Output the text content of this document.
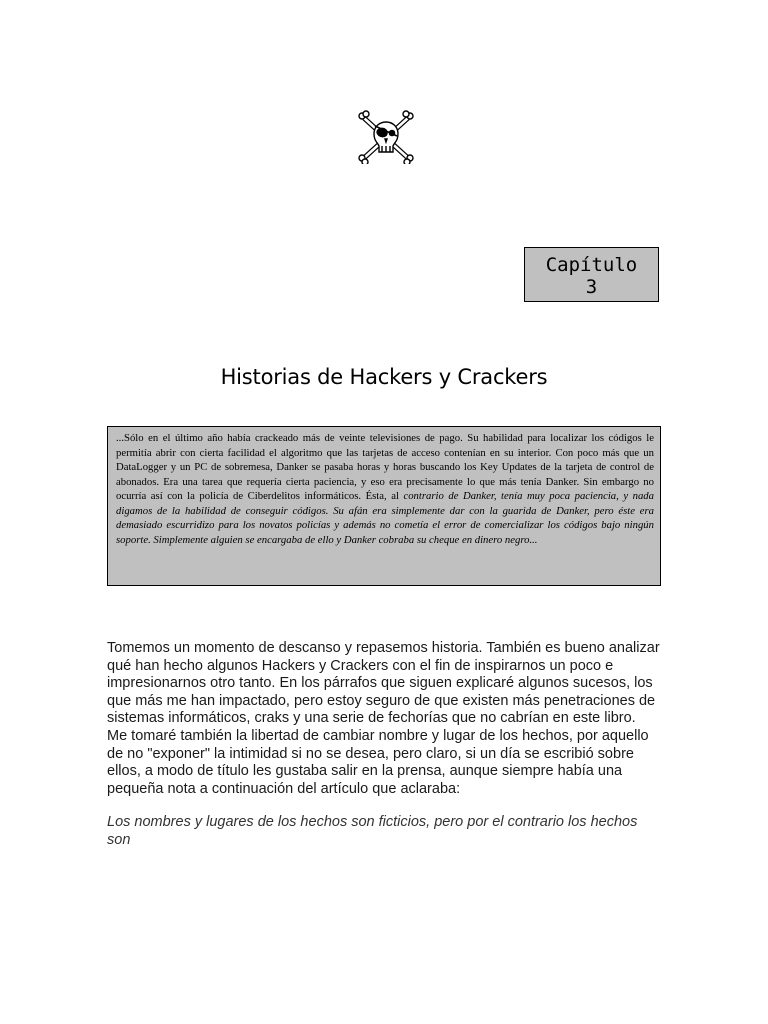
Capítulo
3
Historias de Hackers y Crackers
...Sólo en el último año había crackeado más de veinte televisiones de pago. Su habilidad para localizar los códigos le permitía abrir con cierta facilidad el algoritmo que las tarjetas de acceso contenían en su interior. Con poco más que un DataLogger y un PC de sobremesa, Danker se pasaba horas y horas buscando los Key Updates de la tarjeta de control de abonados. Era una tarea que requería cierta paciencia, y eso era precisamente lo que más tenía Danker. Sin embargo no ocurría así con la policía de Ciberdelitos informáticos. Ésta, al contrario de Danker, tenía muy poca paciencia, y nada digamos de la habilidad de conseguir códigos. Su afán era simplemente dar con la guarida de Danker, pero éste era demasiado escurridizo para los novatos policías y además no cometía el error de comercializar los códigos bajo ningún soporte. Simplemente alguien se encargaba de ello y Danker cobraba su cheque en dinero negro...

Tomemos un momento de descanso y repasemos historia. También es bueno analizar qué han hecho algunos Hackers y Crackers con el fin de inspirarnos un poco e impresionarnos otro tanto. En los párrafos que siguen explicaré algunos sucesos, los que más me han impactado, pero estoy seguro de que existen más penetraciones de sistemas informáticos, craks y una serie de fechorías que no cabrían en este libro.

Me tomaré también la libertad de cambiar nombre y lugar de los hechos, por aquello de no "exponer" la intimidad si no se desea, pero claro, si un día se escribió sobre ellos, a modo de título les gustaba salir en la prensa, aunque siempre había una pequeña nota a continuación del artículo que aclaraba:

Los nombres y lugares de los hechos son ficticios, pero por el contrario los hechos son
